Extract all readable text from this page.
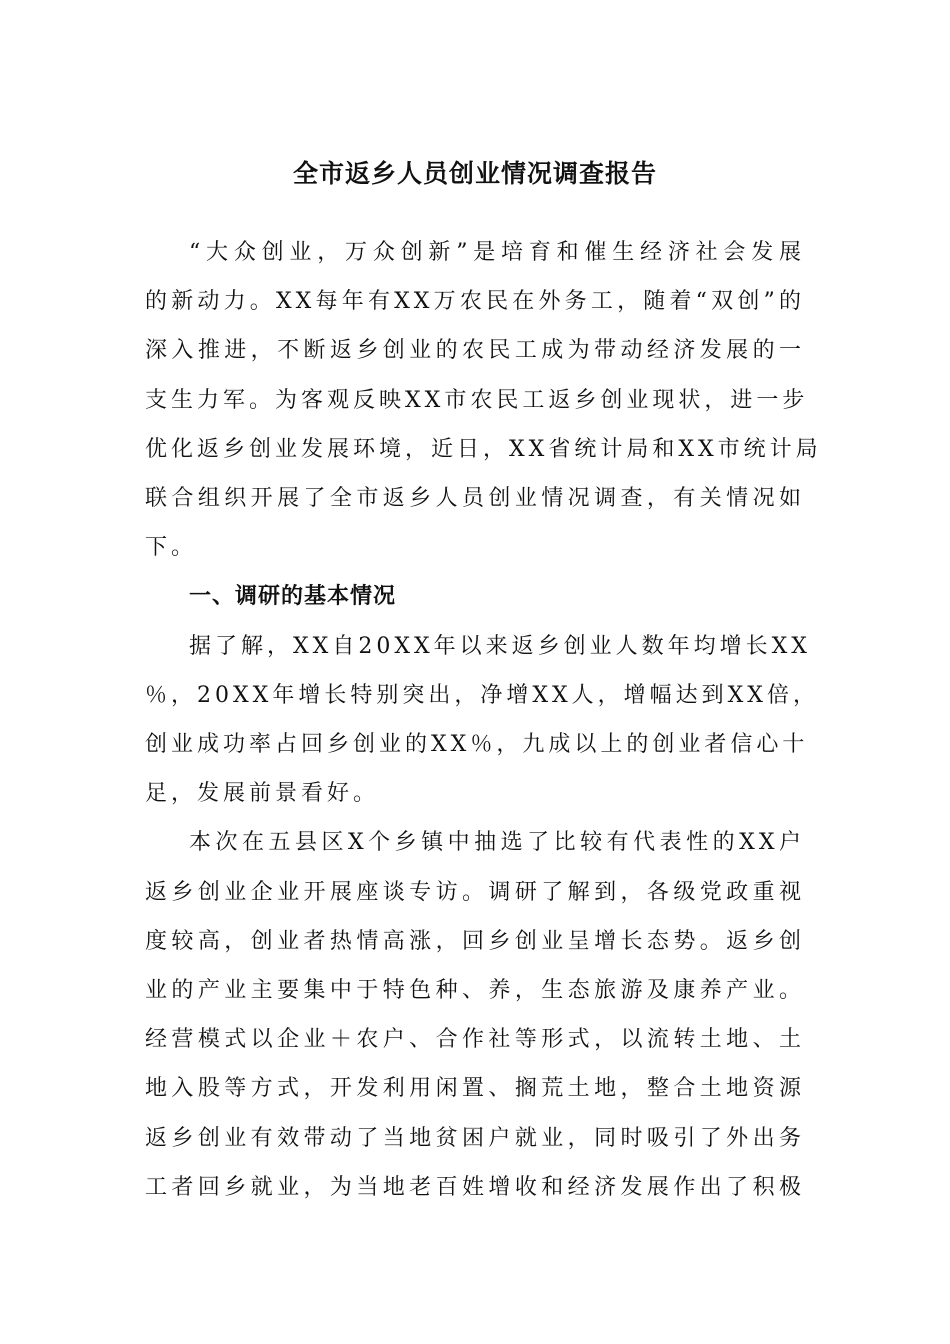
全市返乡人员创业情况调查报告

“大众创业，万众创新”是培育和催生经济社会发展
的新动力。XX每年有XX万农民在外务工，随着“双创”的
深入推进，不断返乡创业的农民工成为带动经济发展的一
支生力军。为客观反映XX市农民工返乡创业现状，进一步
优化返乡创业发展环境，近日，XX省统计局和XX市统计局
联合组织开展了全市返乡人员创业情况调查，有关情况如
下。

一、调研的基本情况

据了解，XX自20XX年以来返乡创业人数年均增长XX
％，20XX年增长特别突出，净增XX人，增幅达到XX倍，
创业成功率占回乡创业的XX％，九成以上的创业者信心十
足，发展前景看好。

本次在五县区X个乡镇中抽选了比较有代表性的XX户
返乡创业企业开展座谈专访。调研了解到，各级党政重视
度较高，创业者热情高涨，回乡创业呈增长态势。返乡创
业的产业主要集中于特色种、养，生态旅游及康养产业。
经营模式以企业＋农户、合作社等形式，以流转土地、土
地入股等方式，开发利用闲置、搁荒土地，整合土地资源
返乡创业有效带动了当地贫困户就业，同时吸引了外出务
工者回乡就业，为当地老百姓增收和经济发展作出了积极
